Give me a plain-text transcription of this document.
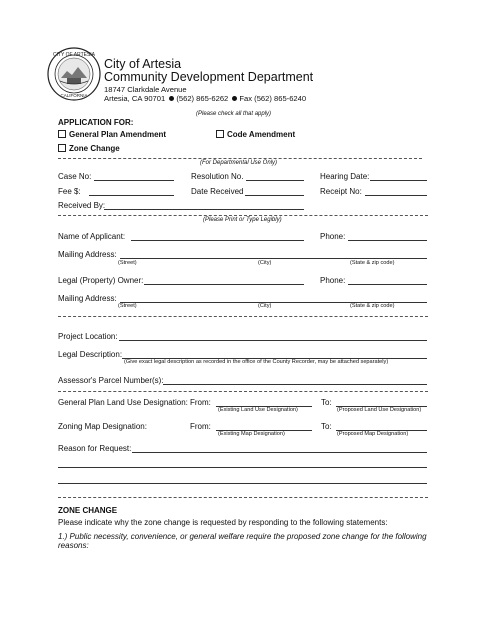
CITY OF ARTESIA
CALIFORNIA
City of Artesia
Community Development Department
18747 Clarkdale Avenue
Artesia, CA 90701 (562) 865-6262 Fax (562) 865-6240
(Please check all that apply)
APPLICATION FOR:
General Plan Amendment	Code Amendment
Zone Change
(For Departmental Use Only)
Case No:	Resolution No.	Hearing Date:
Fee $:	Date Received	Receipt No:
Received By:
(Please Print or Type Legibly)
Name of Applicant:	Phone:
Mailing Address:
(Street)	(City)	(State & zip code)
Legal (Property) Owner:	Phone:
Mailing Address:
(Street)	(City)	(State & zip code)
Project Location:
Legal Description:
(Give exact legal description as recorded in the office of the County Recorder, may be attached separately)
Assessor's Parcel Number(s):
General Plan Land Use Designation: From:	To:
(Existing Land Use Designation)	(Proposed Land Use Designation)
Zoning Map Designation:	From:	To:
(Existing Map Designation)	(Proposed Map Designation)
Reason for Request:
ZONE CHANGE
Please indicate why the zone change is requested by responding to the following statements:
1.) Public necessity, convenience, or general welfare require the proposed zone change for the following
reasons:
